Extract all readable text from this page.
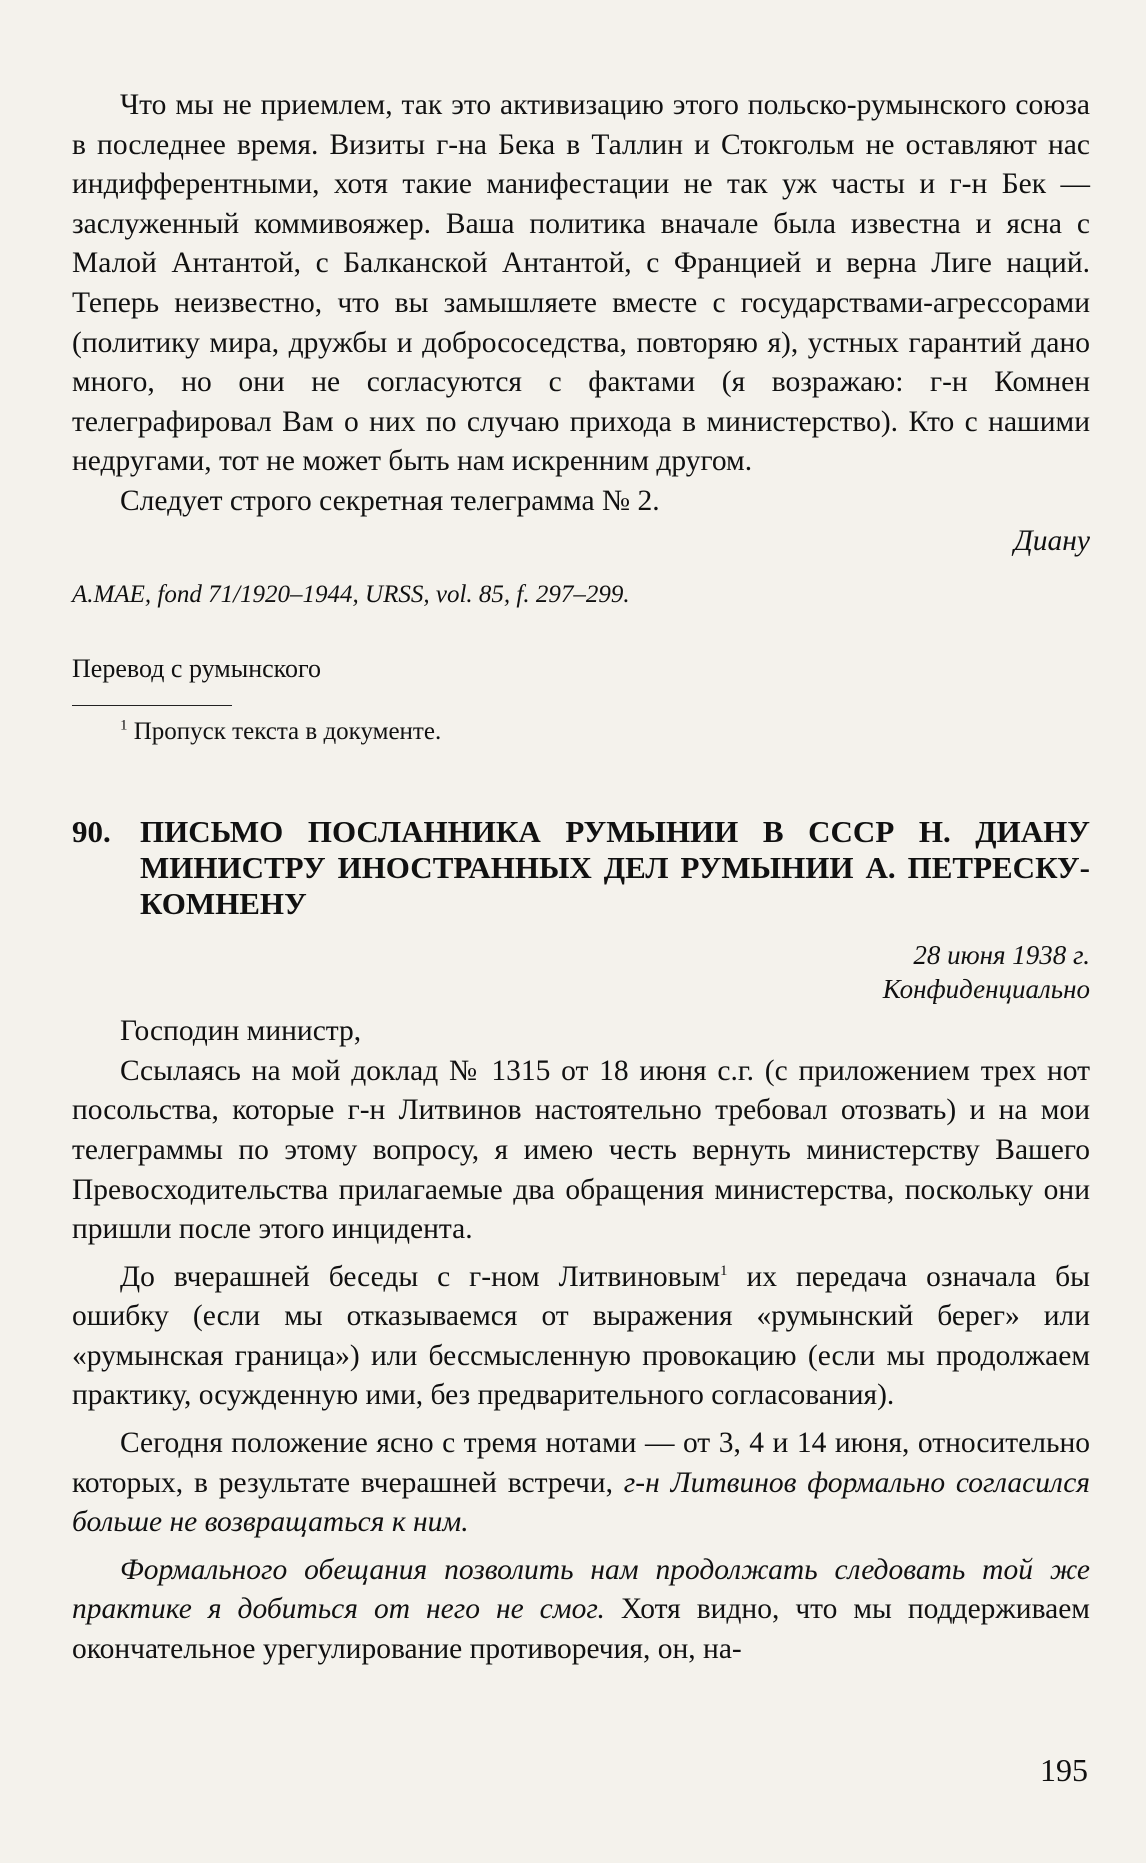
Что мы не приемлем, так это активизацию этого польско-румынского союза в последнее время. Визиты г-на Бека в Таллин и Стокгольм не оставляют нас индифферентными, хотя такие манифестации не так уж часты и г-н Бек — заслуженный коммивояжер. Ваша политика вначале была известна и ясна с Малой Антантой, с Балканской Антантой, с Францией и верна Лиге наций. Теперь неизвестно, что вы замышляете вместе с государствами-агрессорами (политику мира, дружбы и добрососедства, повторяю я), устных гарантий дано много, но они не согласуются с фактами (я возражаю: г-н Комнен телеграфировал Вам о них по случаю прихода в министерство). Кто с нашими недругами, тот не может быть нам искренним другом.

Следует строго секретная телеграмма № 2.

Диану

A.MAE, fond 71/1920–1944, URSS, vol. 85, f. 297–299.

Перевод с румынского

$^1$ Пропуск текста в документе.

90. ПИСЬМО ПОСЛАННИКА РУМЫНИИ В СССР Н. ДИАНУ МИНИСТРУ ИНОСТРАННЫХ ДЕЛ РУМЫНИИ А. ПЕТРЕСКУ-КОМНЕНУ

28 июня 1938 г.

Конфиденциально

Господин министр,

Ссылаясь на мой доклад № 1315 от 18 июня с.г. (с приложением трех нот посольства, которые г-н Литвинов настоятельно требовал отозвать) и на мои телеграммы по этому вопросу, я имею честь вернуть министерству Вашего Превосходительства прилагаемые два обращения министерства, поскольку они пришли после этого инцидента.

До вчерашней беседы с г-ном Литвиновым$^1$ их передача означала бы ошибку (если мы отказываемся от выражения «румынский берег» или «румынская граница») или бессмысленную провокацию (если мы продолжаем практику, осужденную ими, без предварительного согласования).

Сегодня положение ясно с тремя нотами — от 3, 4 и 14 июня, относительно которых, в результате вчерашней встречи, г-н Литвинов формально согласился больше не возвращаться к ним.

Формального обещания позволить нам продолжать следовать той же практике я добиться от него не смог. Хотя видно, что мы поддерживаем окончательное урегулирование противоречия, он, на-

195
